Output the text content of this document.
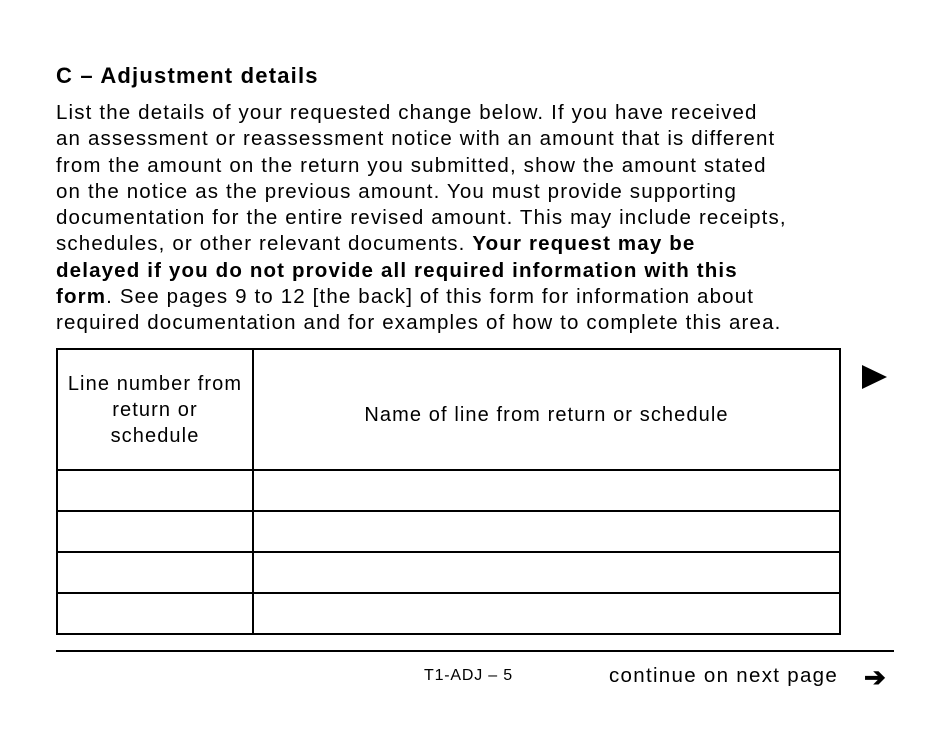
C – Adjustment details
List the details of your requested change below. If you have received
an assessment or reassessment notice with an amount that is different
from the amount on the return you submitted, show the amount stated
on the notice as the previous amount. You must provide supporting
documentation for the entire revised amount. This may include receipts,
schedules, or other relevant documents. Your request may be
delayed if you do not provide all required information with this
form. See pages 9 to 12 [the back] of this form for information about
required documentation and for examples of how to complete this area.
Line number from return or schedule	Name of line from return or schedule

T1-ADJ – 5	continue on next page ➔
